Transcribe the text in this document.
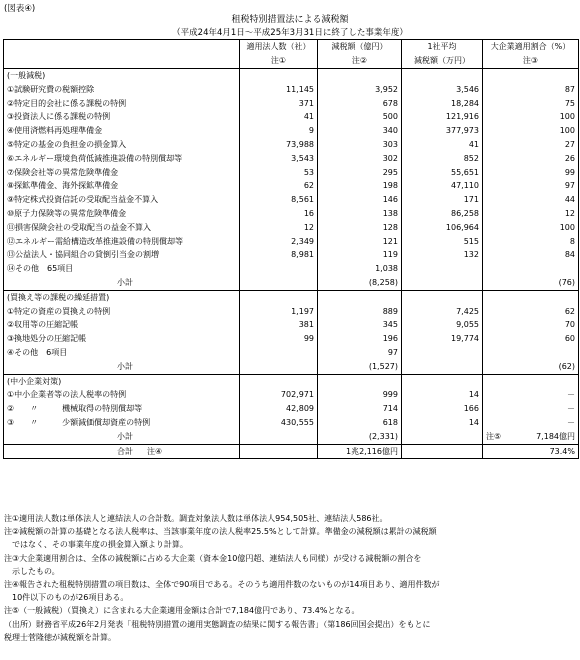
(図表④)
租税特別措置法による減税額
（平成24年4月1日～平成25年3月31日に終了した事業年度）
	適用法人数（社）	減税額（億円）	1社平均	大企業適用割合（%）
	注①	注②	減税額（万円）	注③
(一般減税)				
①試験研究費の税額控除	11,145	3,952	3,546	87
②特定目的会社に係る課税の特例	371	678	18,284	75
③投資法人に係る課税の特例	41	500	121,916	100
④使用済燃料再処理準備金	9	340	377,973	100
⑤特定の基金の負担金の損金算入	73,988	303	41	27
⑥エネルギー環境負荷低減推進設備の特別償却等	3,543	302	852	26
⑦保険会社等の異常危険準備金	53	295	55,651	99
⑧探鉱準備金、海外探鉱準備金	62	198	47,110	97
⑨特定株式投資信託の受取配当益金不算入	8,561	146	171	44
⑩原子力保険等の異常危険準備金	16	138	86,258	12
⑪損害保険会社の受取配当の益金不算入	12	128	106,964	100
⑫エネルギー需給構造改革推進設備の特別償却等	2,349	121	515	8
⑬公益法人・協同組合の貸倒引当金の割増	8,981	119	132	84
⑭その他　65項目		1,038		
小計		(8,258)		(76)
(買換え等の課税の繰延措置)				
①特定の資産の買換えの特例	1,197	889	7,425	62
②収用等の圧縮記帳	381	345	9,055	70
③換地処分の圧縮記帳	99	196	19,774	60
④その他　6項目		97		
小計		(1,527)		(62)
(中小企業対策)				
①中小企業者等の法人税率の特例	702,971	999	14	－
②　　〃　　　機械取得の特別償却等	42,809	714	166	－
③　　〃　　　少額減価償却資産の特例	430,555	618	14	－
小計		(2,331)		注⑤ 7,184億円

合計 注④		1兆2,116億円		73.4%
注①適用法人数は単体法人と連結法人の合計数。調査対象法人数は単体法人954,505社、連結法人586社。
注②減税額の計算の基礎となる法人税率は、当該事業年度の法人税率25.5%として計算。準備金の減税額は累計の減税額
　ではなく、その事業年度の損金算入額より計算。
注③大企業適用割合は、全体の減税額に占める大企業（資本金10億円超、連結法人も同様）が受ける減税額の割合を
　示したもの。
注④報告された租税特別措置の項目数は、全体で90項目である。そのうち適用件数のないものが14項目あり、適用件数が
　10件以下のものが26項目ある。
注⑤（一般減税）（買換え）に含まれる大企業適用金額は合計で7,184億円であり、73.4%となる。
（出所）財務省平成26年2月発表「租税特別措置の適用実態調査の結果に関する報告書」（第186回国会提出）をもとに
税理士菅隆徳が減税額を計算。
